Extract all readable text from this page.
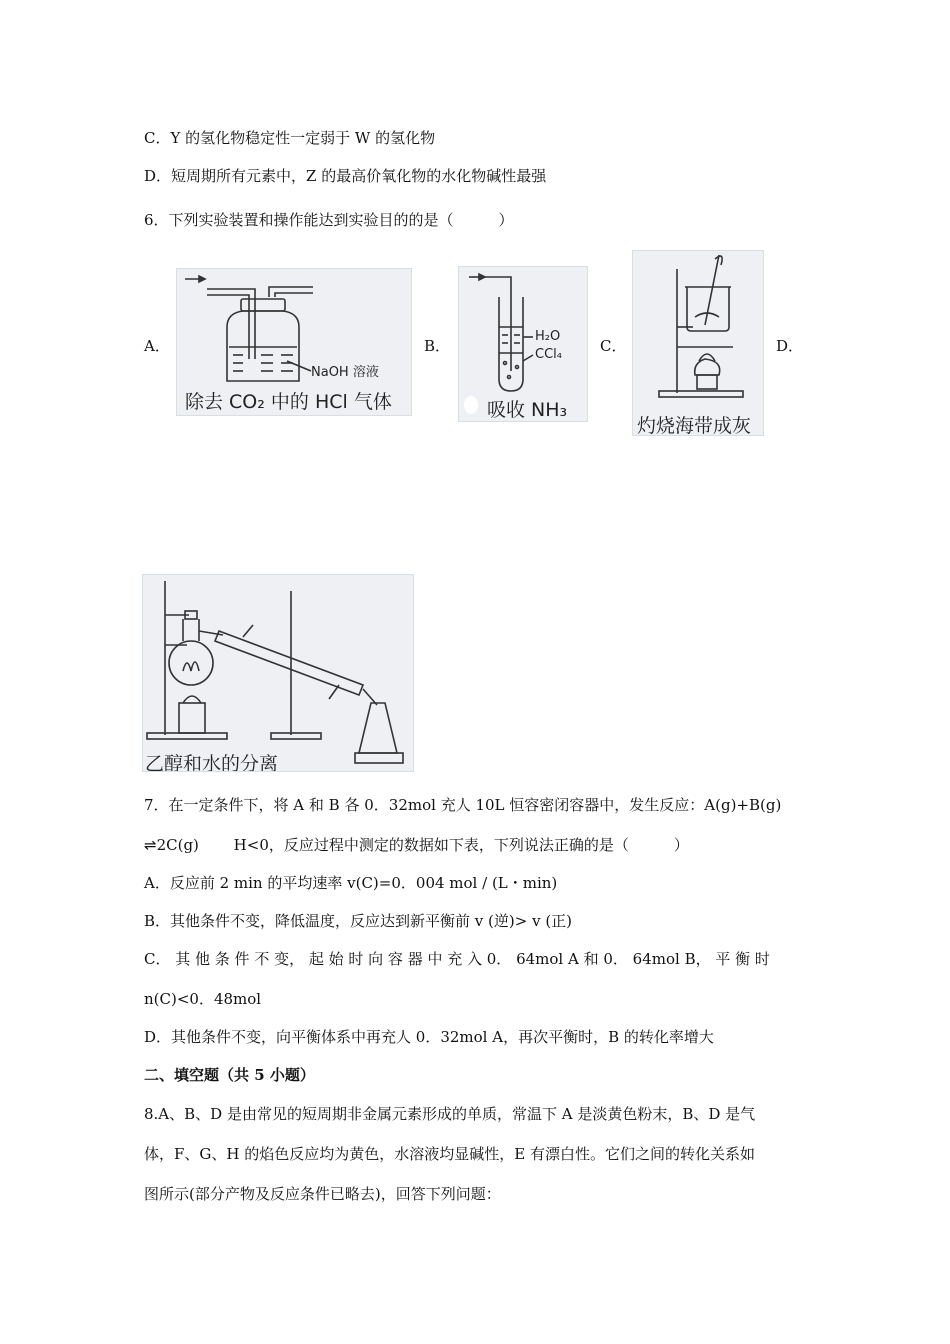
C．Y 的氢化物稳定性一定弱于 W 的氢化物
D．短周期所有元素中，Z 的最高价氧化物的水化物碱性最强
6．下列实验装置和操作能达到实验目的的是（　　　）
A．	B．	C．	D．
NaOH 溶液
除去 CO₂ 中的 HCl 气体
H₂O
CCl₄
吸收 NH₃
灼烧海带成灰
乙醇和水的分离
7．在一定条件下，将 A 和 B 各 0．32mol 充人 10L 恒容密闭容器中，发生反应：A(g)+B(g)
⇌2C(g)　　 H<0，反应过程中测定的数据如下表，下列说法正确的是（　　　）
A．反应前 2 min 的平均速率 v(C)=0．004 mol / (L・min)
B．其他条件不变，降低温度，反应达到新平衡前 v (逆)> v (正)
C． 其 他 条 件 不 变， 起 始 时 向 容 器 中 充 入 0． 64mol A 和 0． 64mol B， 平 衡 时
n(C)<0．48mol
D．其他条件不变，向平衡体系中再充人 0．32mol A，再次平衡时，B 的转化率增大
二、填空题（共 5 小题）
8.A、B、D 是由常见的短周期非金属元素形成的单质，常温下 A 是淡黄色粉末，B、D 是气
体，F、G、H 的焰色反应均为黄色，水溶液均显碱性，E 有漂白性。它们之间的转化关系如
图所示(部分产物及反应条件已略去)，回答下列问题：
